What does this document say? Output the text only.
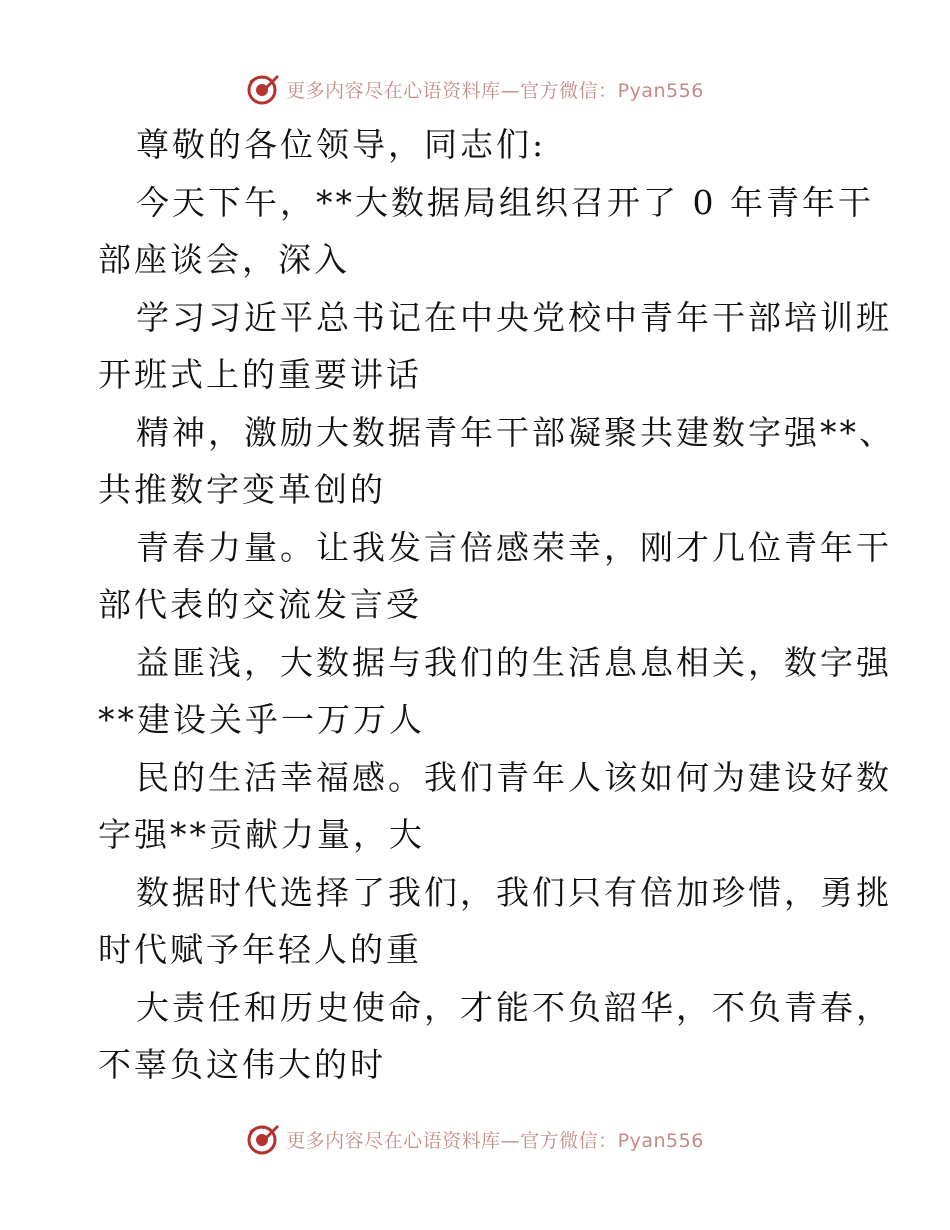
更多内容尽在心语资料库—官方微信：Pyan556
尊敬的各位领导，同志们:
今天下午，**大数据局组织召开了 0 年青年干
部座谈会，深入
学习习近平总书记在中央党校中青年干部培训班
开班式上的重要讲话
精神，激励大数据青年干部凝聚共建数字强**、
共推数字变革创的
青春力量。让我发言倍感荣幸，刚才几位青年干
部代表的交流发言受
益匪浅，大数据与我们的生活息息相关，数字强
**建设关乎一万万人
民的生活幸福感。我们青年人该如何为建设好数
字强**贡献力量，大
数据时代选择了我们，我们只有倍加珍惜，勇挑
时代赋予年轻人的重
大责任和历史使命，才能不负韶华，不负青春，
不辜负这伟大的时
更多内容尽在心语资料库—官方微信：Pyan556
